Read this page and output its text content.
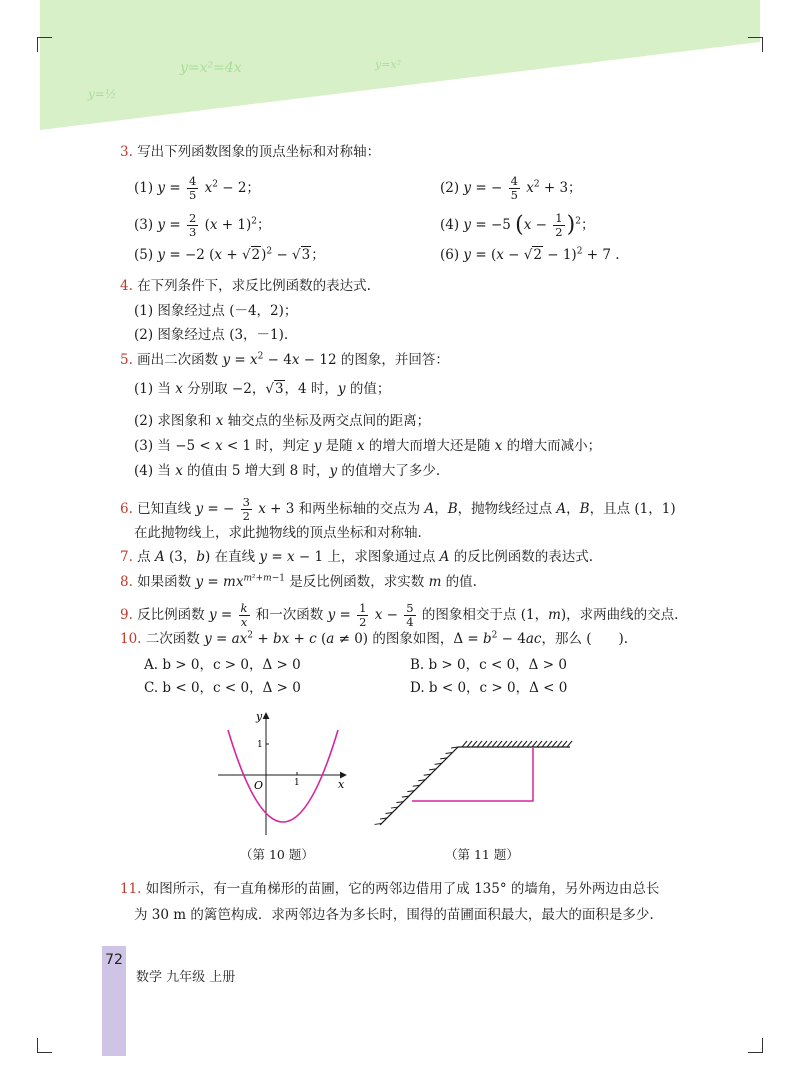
y=½
y=x²=4x	y=x²
3. 写出下列函数图象的顶点坐标和对称轴：
(1) $y = \frac{4}{5} x^2 - 2$；	(2) y = − $\frac{4}{5} x^2 + 3$；
(3) $y = \frac{2}{3} (x + 1)^2$；	(4) y = −5 $(x - \frac{1}{2} )^2$；
(5) y = −2 $(x + √2)^2 - √3$；	(6) $y = (x - √2 - 1)^2 + 7$ .
4. 在下列条件下，求反比例函数的表达式.
(1) 图象经过点 (－4，2)；
(2) 图象经过点 (3，－1).
5. 画出二次函数 $y = x^2 - 4x - 12$ 的图象，并回答：
(1) 当 x 分别取 −2，√3，4 时，y 的值；
(2) 求图象和 x 轴交点的坐标及两交点间的距离；
(3) 当 −5 < x < 1 时，判定 y 是随 x 的增大而增大还是随 x 的增大而减小；
(4) 当 x 的值由 5 增大到 8 时，y 的值增大了多少.
6. 已知直线 y = − $\frac{3}{2}$ x + 3 和两坐标轴的交点为 A，B，抛物线经过点 A，B，且点 (1，1)
在此抛物线上，求此抛物线的顶点坐标和对称轴.
7. 点 A (3，b) 在直线 y = x − 1 上，求图象通过点 A 的反比例函数的表达式.
8. 如果函数 $y = mx^{m^2+m-1}$ 是反比例函数，求实数 m 的值.
9. 反比例函数 $y = \frac{k}{x}$ 和一次函数 $y = \frac{1}{2}$ $x - \frac{5}{4}$ 的图象相交于点 (1，m)，求两曲线的交点.
10. 二次函数 $y = ax^2$ + bx + c (a ≠ 0) 的图象如图，$\Delta = b^2 - 4ac$，那么 (　　).
A. b > 0，c > 0，Δ > 0	B. b > 0，c < 0，Δ > 0
C. b < 0，c < 0，Δ > 0	D. b < 0，c > 0，Δ < 0
y
x
O	1
1
（第 10 题）	（第 11 题）
11. 如图所示，有一直角梯形的苗圃，它的两邻边借用了成 135° 的墙角，另外两边由总长
为 30 m 的篱笆构成．求两邻边各为多长时，围得的苗圃面积最大，最大的面积是多少.
72
数学 九年级 上册
